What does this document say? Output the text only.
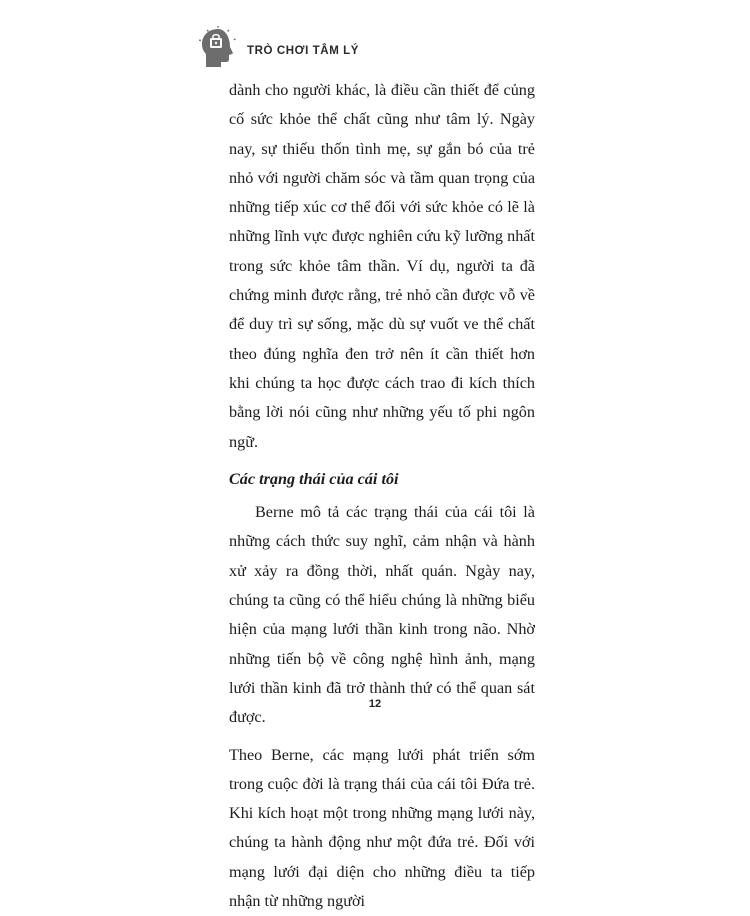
TRÒ CHƠI TÂM LÝ

dành cho người khác, là điều cần thiết để củng cố sức khỏe thể chất cũng như tâm lý. Ngày nay, sự thiếu thốn tình mẹ, sự gắn bó của trẻ nhỏ với người chăm sóc và tầm quan trọng của những tiếp xúc cơ thể đối với sức khỏe có lẽ là những lĩnh vực được nghiên cứu kỹ lưỡng nhất trong sức khỏe tâm thần. Ví dụ, người ta đã chứng minh được rằng, trẻ nhỏ cần được vỗ về để duy trì sự sống, mặc dù sự vuốt ve thể chất theo đúng nghĩa đen trở nên ít cần thiết hơn khi chúng ta học được cách trao đi kích thích bằng lời nói cũng như những yếu tố phi ngôn ngữ.

Các trạng thái của cái tôi

Berne mô tả các trạng thái của cái tôi là những cách thức suy nghĩ, cảm nhận và hành xử xảy ra đồng thời, nhất quán. Ngày nay, chúng ta cũng có thể hiểu chúng là những biểu hiện của mạng lưới thần kinh trong não. Nhờ những tiến bộ về công nghệ hình ảnh, mạng lưới thần kinh đã trở thành thứ có thể quan sát được.

Theo Berne, các mạng lưới phát triển sớm trong cuộc đời là trạng thái của cái tôi Đứa trẻ. Khi kích hoạt một trong những mạng lưới này, chúng ta hành động như một đứa trẻ. Đối với mạng lưới đại diện cho những điều ta tiếp nhận từ những người

12
